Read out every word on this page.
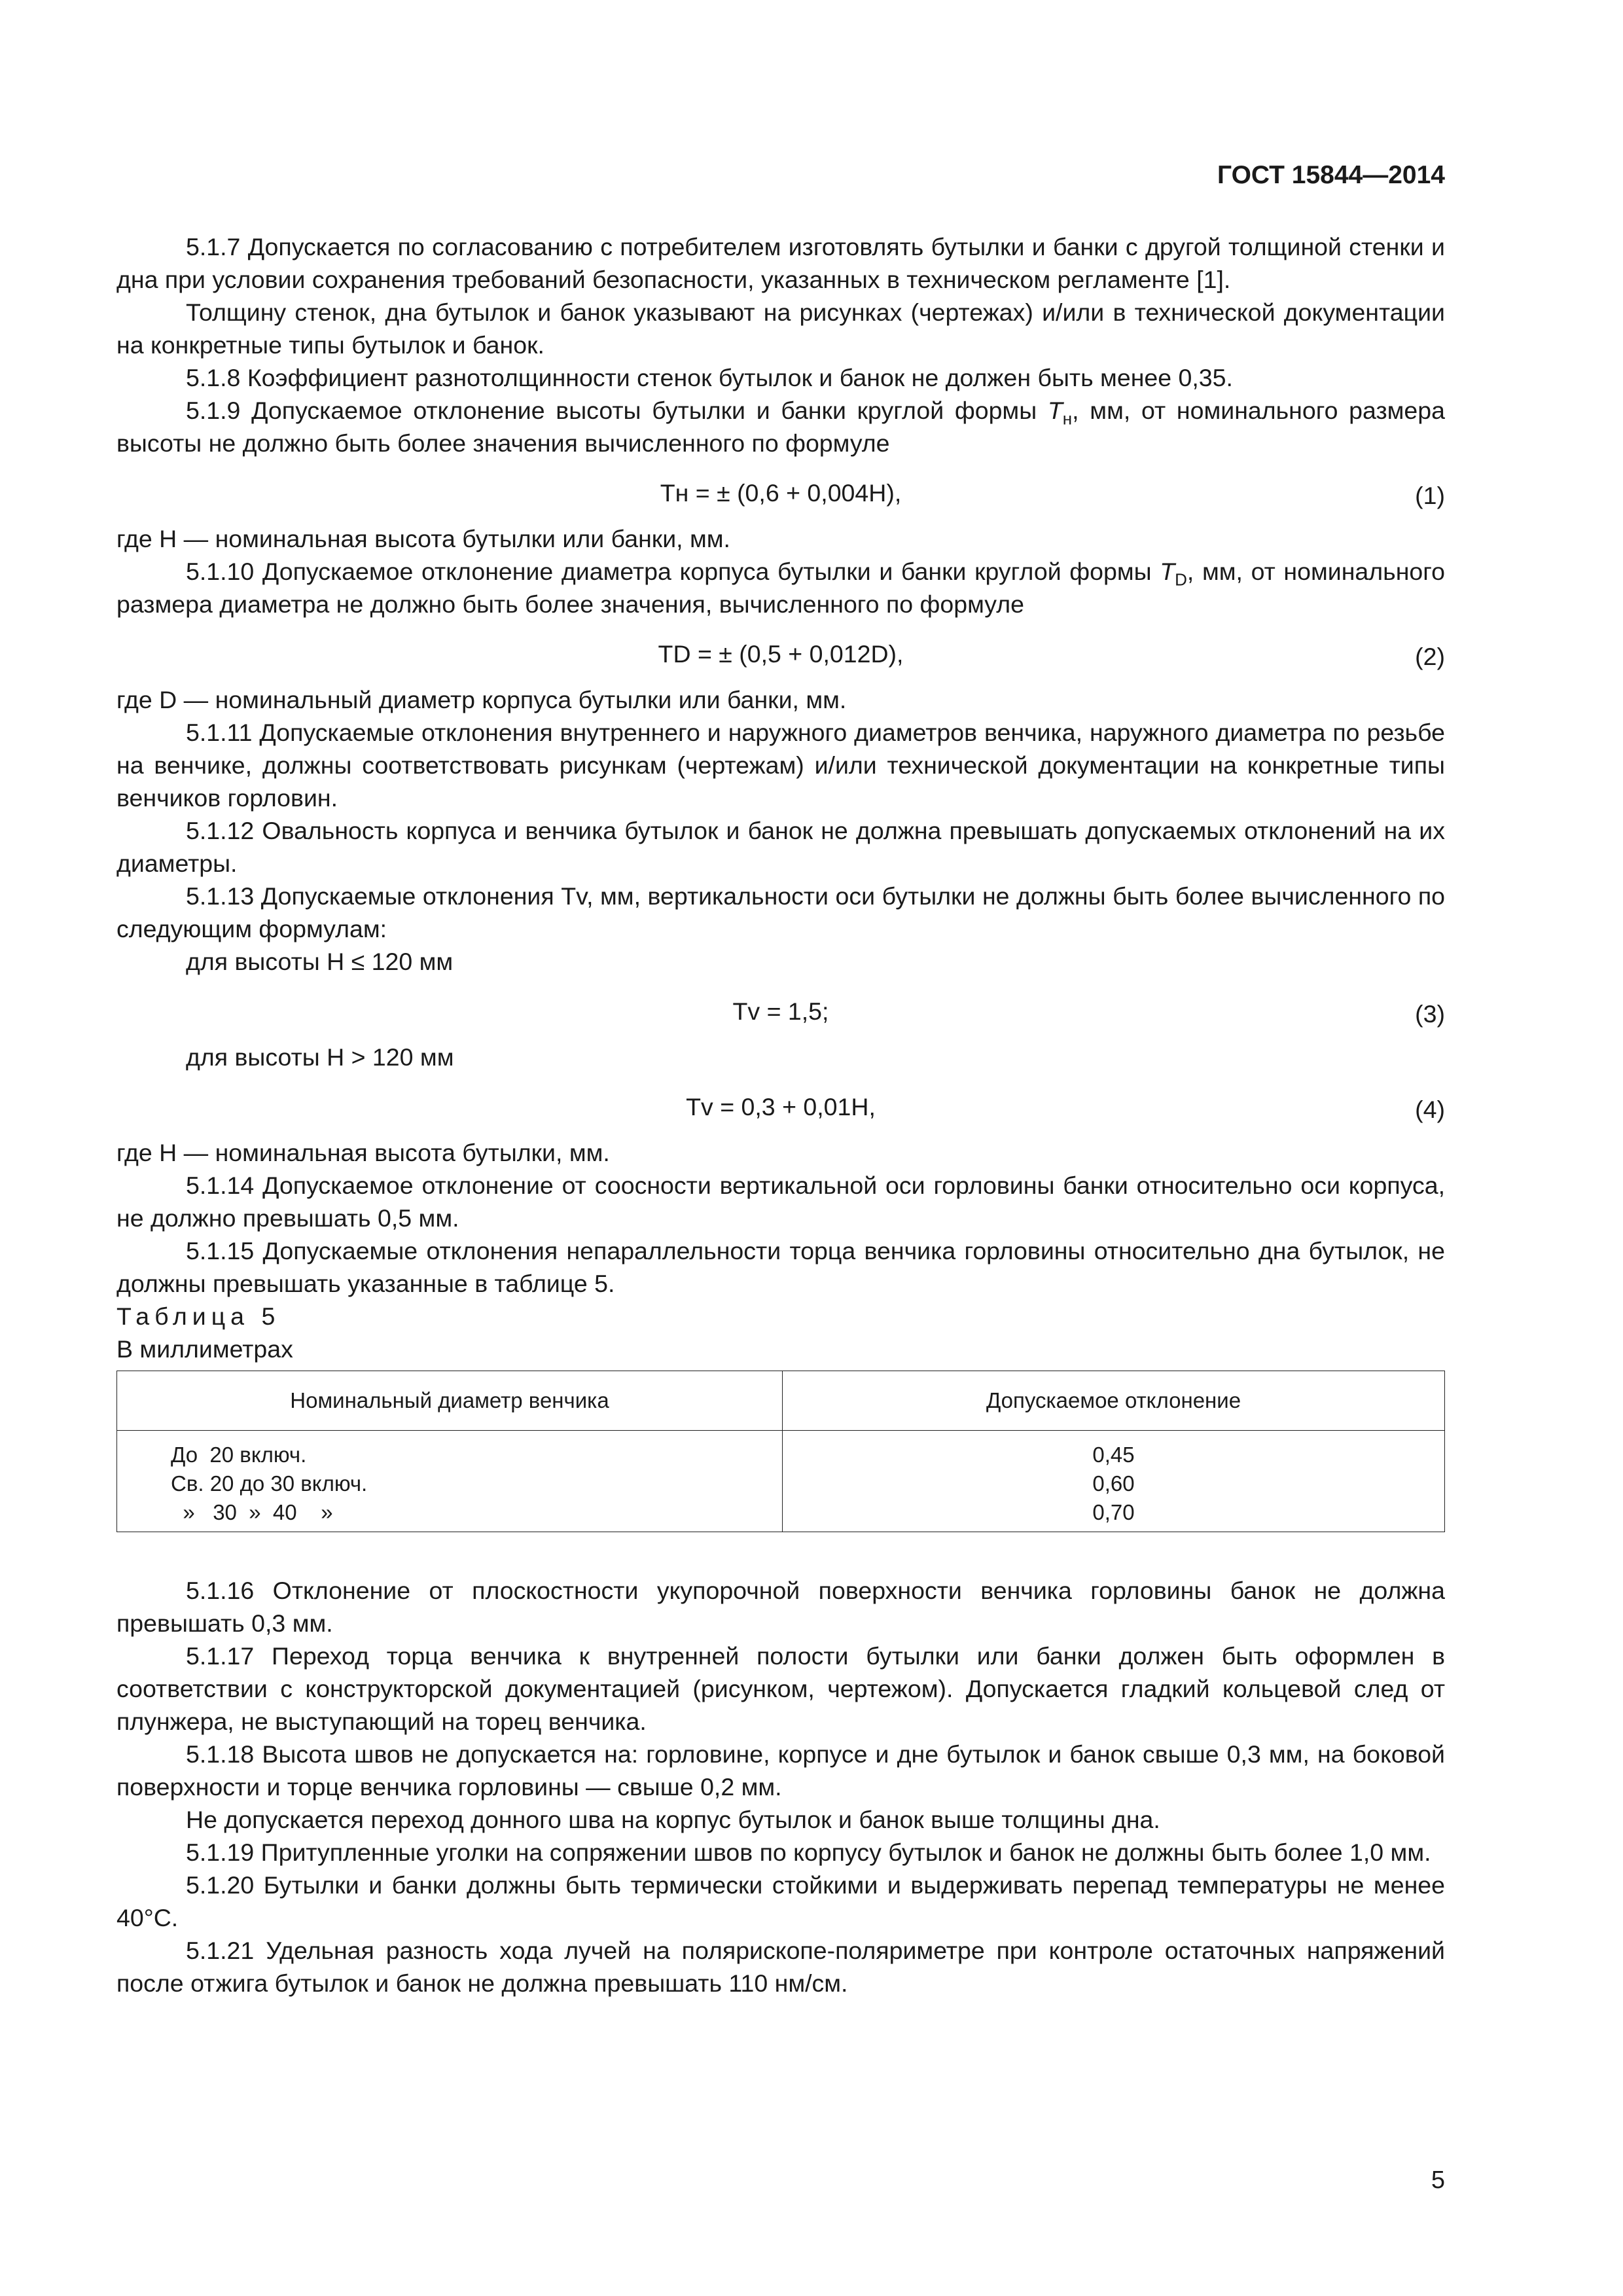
ГОСТ 15844—2014

5.1.7 Допускается по согласованию с потребителем изготовлять бутылки и банки с другой толщиной стенки и дна при условии сохранения требований безопасности, указанных в техническом регламенте [1].

Толщину стенок, дна бутылок и банок указывают на рисунках (чертежах) и/или в технической документации на конкретные типы бутылок и банок.

5.1.8 Коэффициент разнотолщинности стенок бутылок и банок не должен быть менее 0,35.

5.1.9 Допускаемое отклонение высоты бутылки и банки круглой формы $T_н$, мм, от номинального размера высоты не должно быть более значения вычисленного по формуле

Tн = ± (0,6 + 0,004H),	(1)

где H — номинальная высота бутылки или банки, мм.

5.1.10 Допускаемое отклонение диаметра корпуса бутылки и банки круглой формы $T_D$, мм, от номинального размера диаметра не должно быть более значения, вычисленного по формуле

TD = ± (0,5 + 0,012D),	(2)

где D — номинальный диаметр корпуса бутылки или банки, мм.

5.1.11 Допускаемые отклонения внутреннего и наружного диаметров венчика, наружного диаметра по резьбе на венчике, должны соответствовать рисункам (чертежам) и/или технической документации на конкретные типы венчиков горловин.

5.1.12 Овальность корпуса и венчика бутылок и банок не должна превышать допускаемых отклонений на их диаметры.

5.1.13 Допускаемые отклонения Tv, мм, вертикальности оси бутылки не должны быть более вычисленного по следующим формулам:

для высоты H ≤ 120 мм

Tv = 1,5;	(3)

для высоты H > 120 мм

Tv = 0,3 + 0,01H,	(4)

где H — номинальная высота бутылки, мм.

5.1.14 Допускаемое отклонение от соосности вертикальной оси горловины банки относительно оси корпуса, не должно превышать 0,5 мм.

5.1.15 Допускаемые отклонения непараллельности торца венчика горловины относительно дна бутылок, не должны превышать указанные в таблице 5.

Таблица 5

В миллиметрах

Номинальный диаметр венчика	Допускаемое отклонение
До  20 включ.	0,45
Св. 20 до 30 включ.	0,60
»   30  »  40    »	0,70

5.1.16 Отклонение от плоскостности укупорочной поверхности венчика горловины банок не должна превышать 0,3 мм.

5.1.17 Переход торца венчика к внутренней полости бутылки или банки должен быть оформлен в соответствии с конструкторской документацией (рисунком, чертежом). Допускается гладкий кольцевой след от плунжера, не выступающий на торец венчика.

5.1.18 Высота швов не допускается на: горловине, корпусе и дне бутылок и банок свыше 0,3 мм, на боковой поверхности и торце венчика горловины — свыше 0,2 мм.

Не допускается переход донного шва на корпус бутылок и банок выше толщины дна.

5.1.19 Притупленные уголки на сопряжении швов по корпусу бутылок и банок не должны быть более 1,0 мм.

5.1.20 Бутылки и банки должны быть термически стойкими и выдерживать перепад температуры не менее 40°С.

5.1.21 Удельная разность хода лучей на полярископе-поляриметре при контроле остаточных напряжений после отжига бутылок и банок не должна превышать 110 нм/см.

5
